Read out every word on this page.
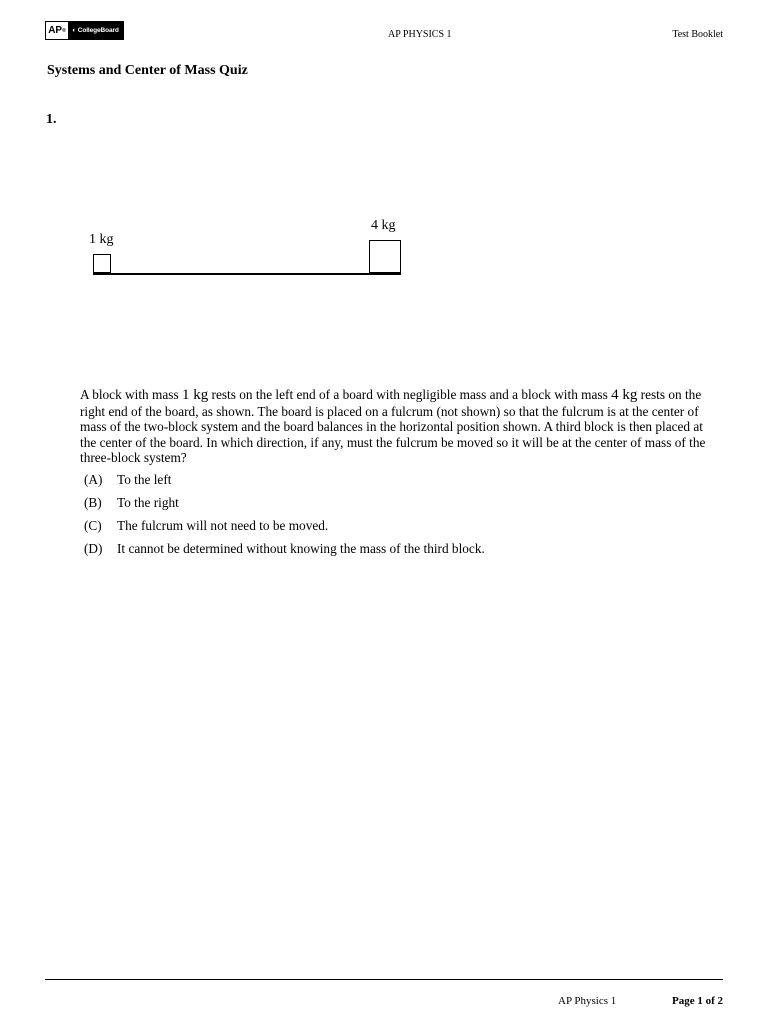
AP ® ◐ CollegeBoard	AP PHYSICS 1	Test Booklet
Systems and Center of Mass Quiz
1.
1 kg
4 kg
A block with mass 1 kg rests on the left end of a board with negligible mass and a block with mass 4 kg rests on the right end of the board, as shown. The board is placed on a fulcrum (not shown) so that the fulcrum is at the center of mass of the two-block system and the board balances in the horizontal position shown. A third block is then placed at the center of the board. In which direction, if any, must the fulcrum be moved so it will be at the center of mass of the three-block system?
(A)	To the left
(B)	To the right
(C)	The fulcrum will not need to be moved.
(D)	It cannot be determined without knowing the mass of the third block.
AP Physics 1	Page 1 of 2
